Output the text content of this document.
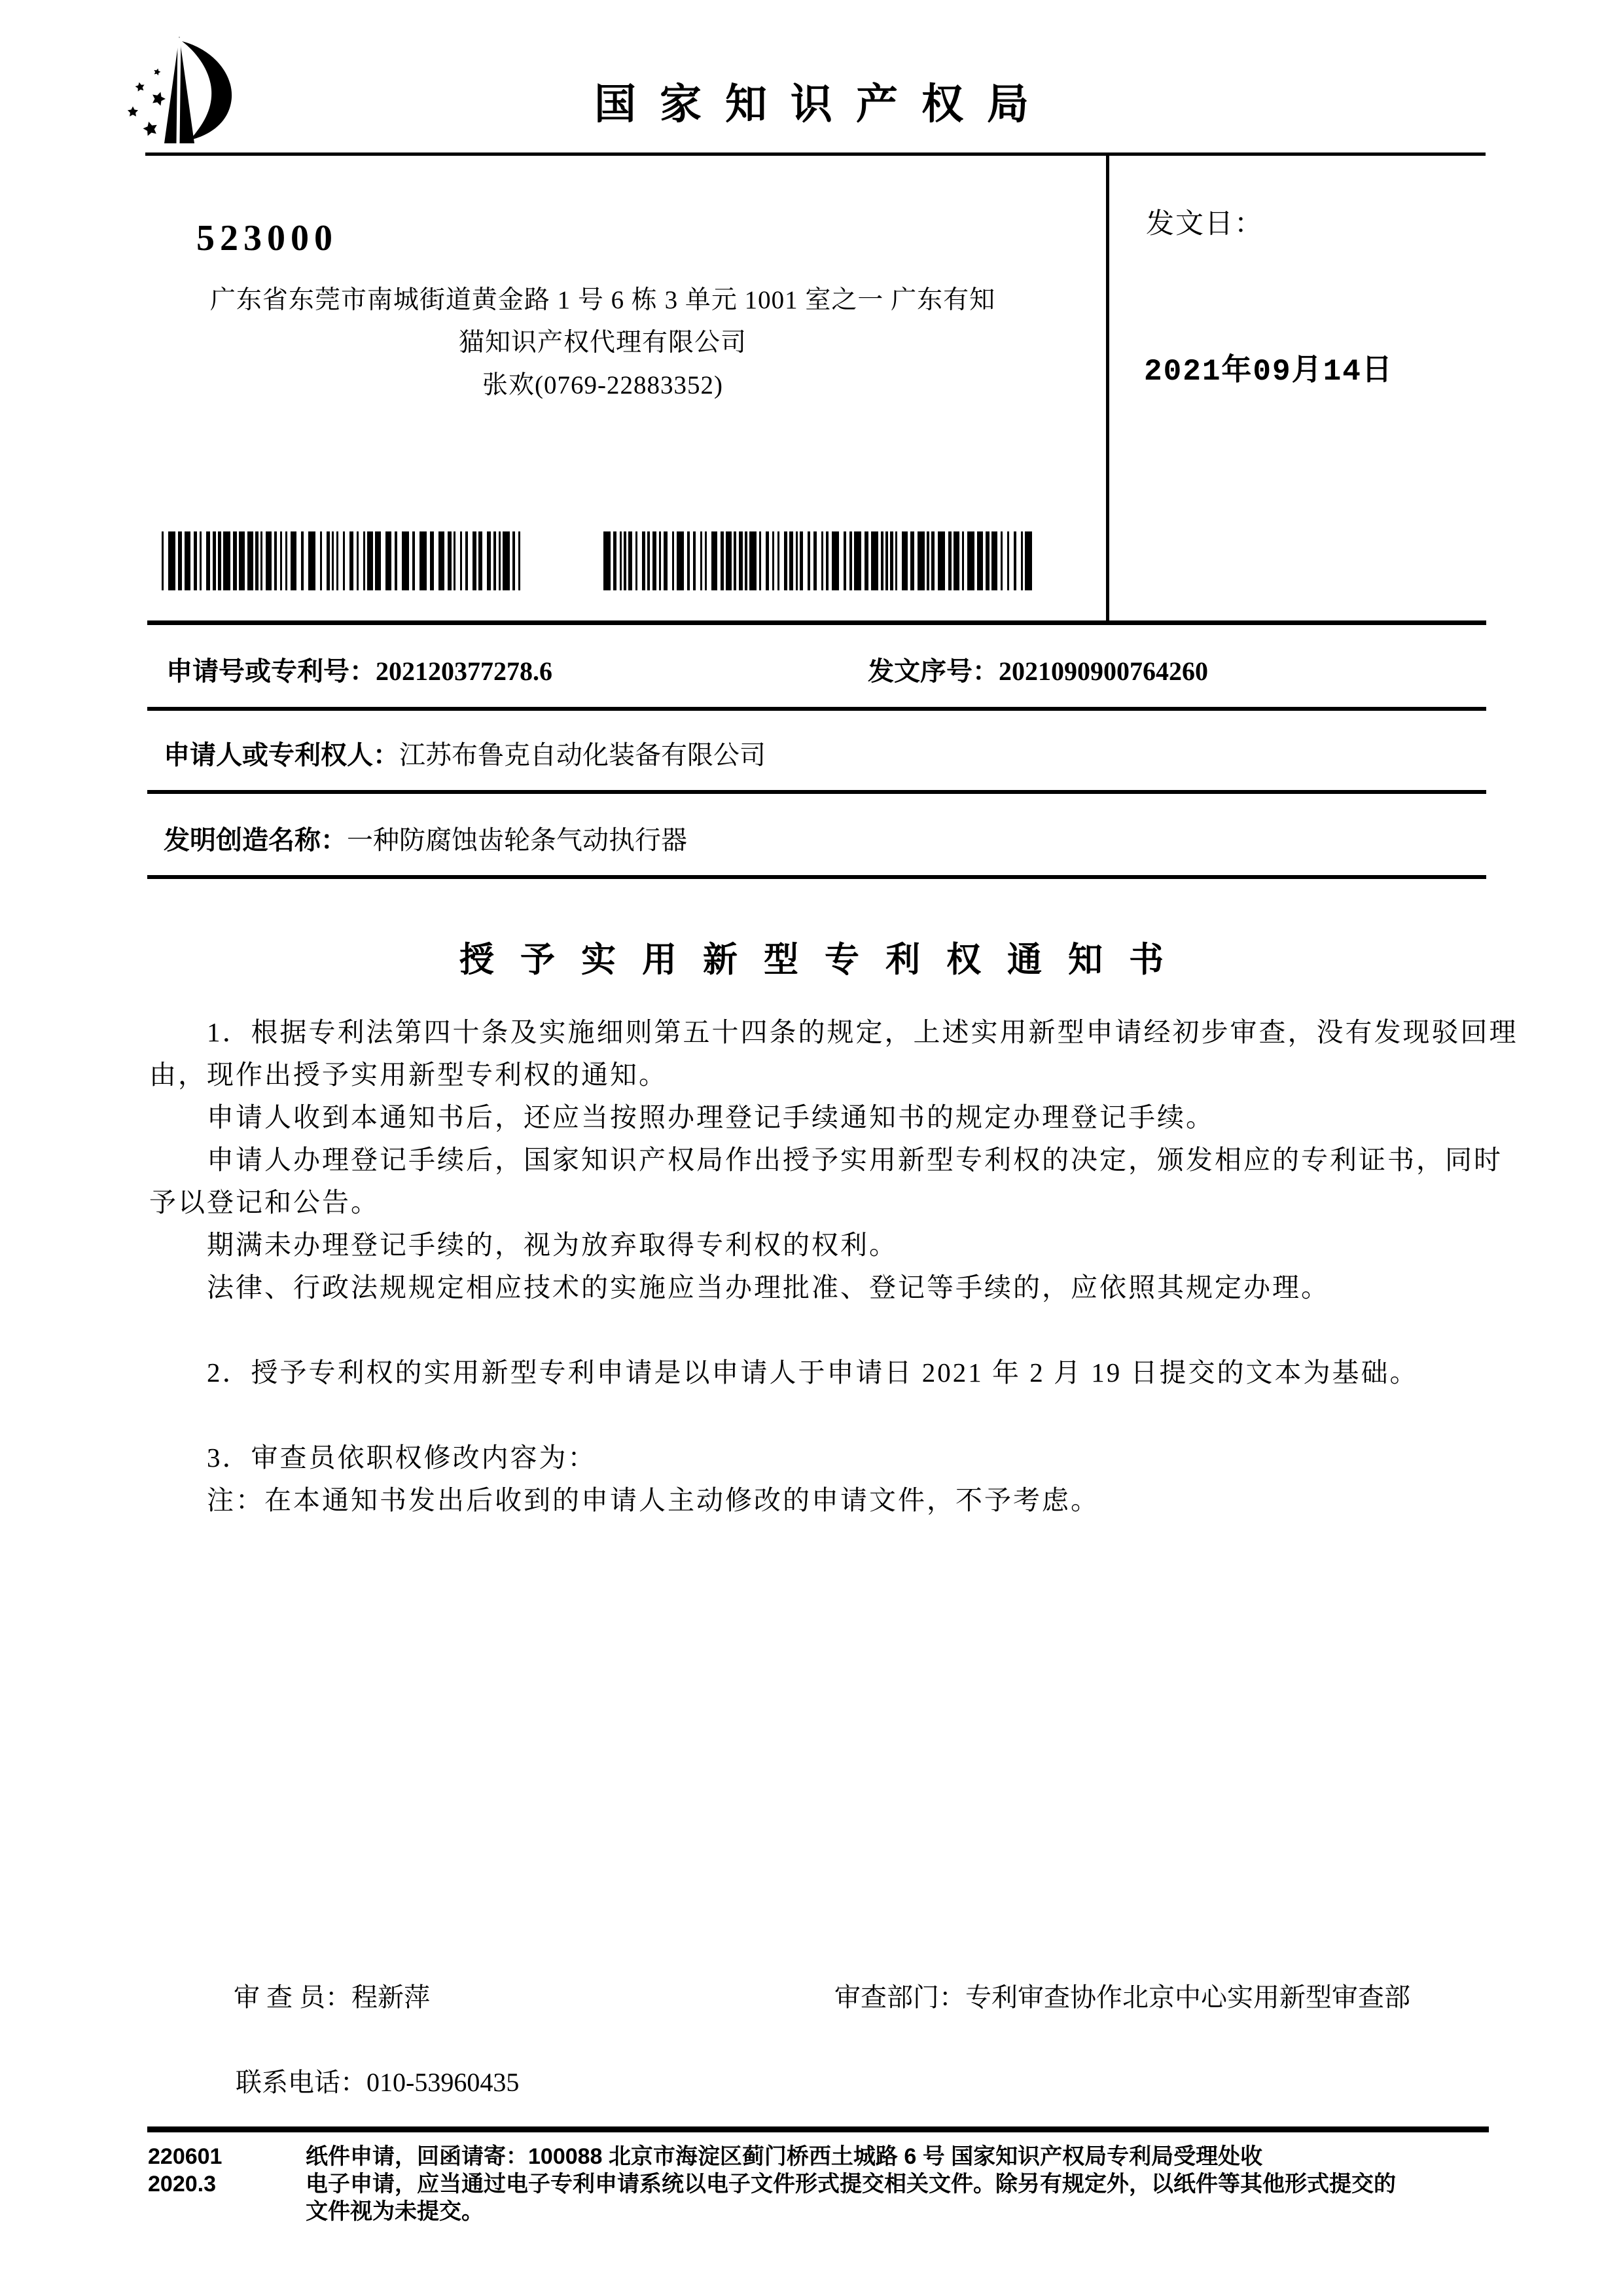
国家知识产权局
523000
广东省东莞市南城街道黄金路 1 号 6 栋 3 单元 1001 室之一 广东有知
猫知识产权代理有限公司
张欢(0769-22883352)
发文日：
2021年09月14日
申请号或专利号：202120377278.6	发文序号：2021090900764260
申请人或专利权人：江苏布鲁克自动化装备有限公司
发明创造名称：一种防腐蚀齿轮条气动执行器
授予实用新型专利权通知书
1．根据专利法第四十条及实施细则第五十四条的规定，上述实用新型申请经初步审查，没有发现驳回理
由，现作出授予实用新型专利权的通知。
申请人收到本通知书后，还应当按照办理登记手续通知书的规定办理登记手续。
申请人办理登记手续后，国家知识产权局作出授予实用新型专利权的决定，颁发相应的专利证书，同时
予以登记和公告。
期满未办理登记手续的，视为放弃取得专利权的权利。
法律、行政法规规定相应技术的实施应当办理批准、登记等手续的，应依照其规定办理。
2．授予专利权的实用新型专利申请是以申请人于申请日 2021 年 2 月 19 日提交的文本为基础。
3．审查员依职权修改内容为：
注：在本通知书发出后收到的申请人主动修改的申请文件，不予考虑。
审 查 员：程新萍	审查部门：专利审查协作北京中心实用新型审查部
联系电话：010-53960435
220601
2020.3
纸件申请，回函请寄：100088 北京市海淀区蓟门桥西土城路 6 号 国家知识产权局专利局受理处收
电子申请，应当通过电子专利申请系统以电子文件形式提交相关文件。除另有规定外，以纸件等其他形式提交的
文件视为未提交。
